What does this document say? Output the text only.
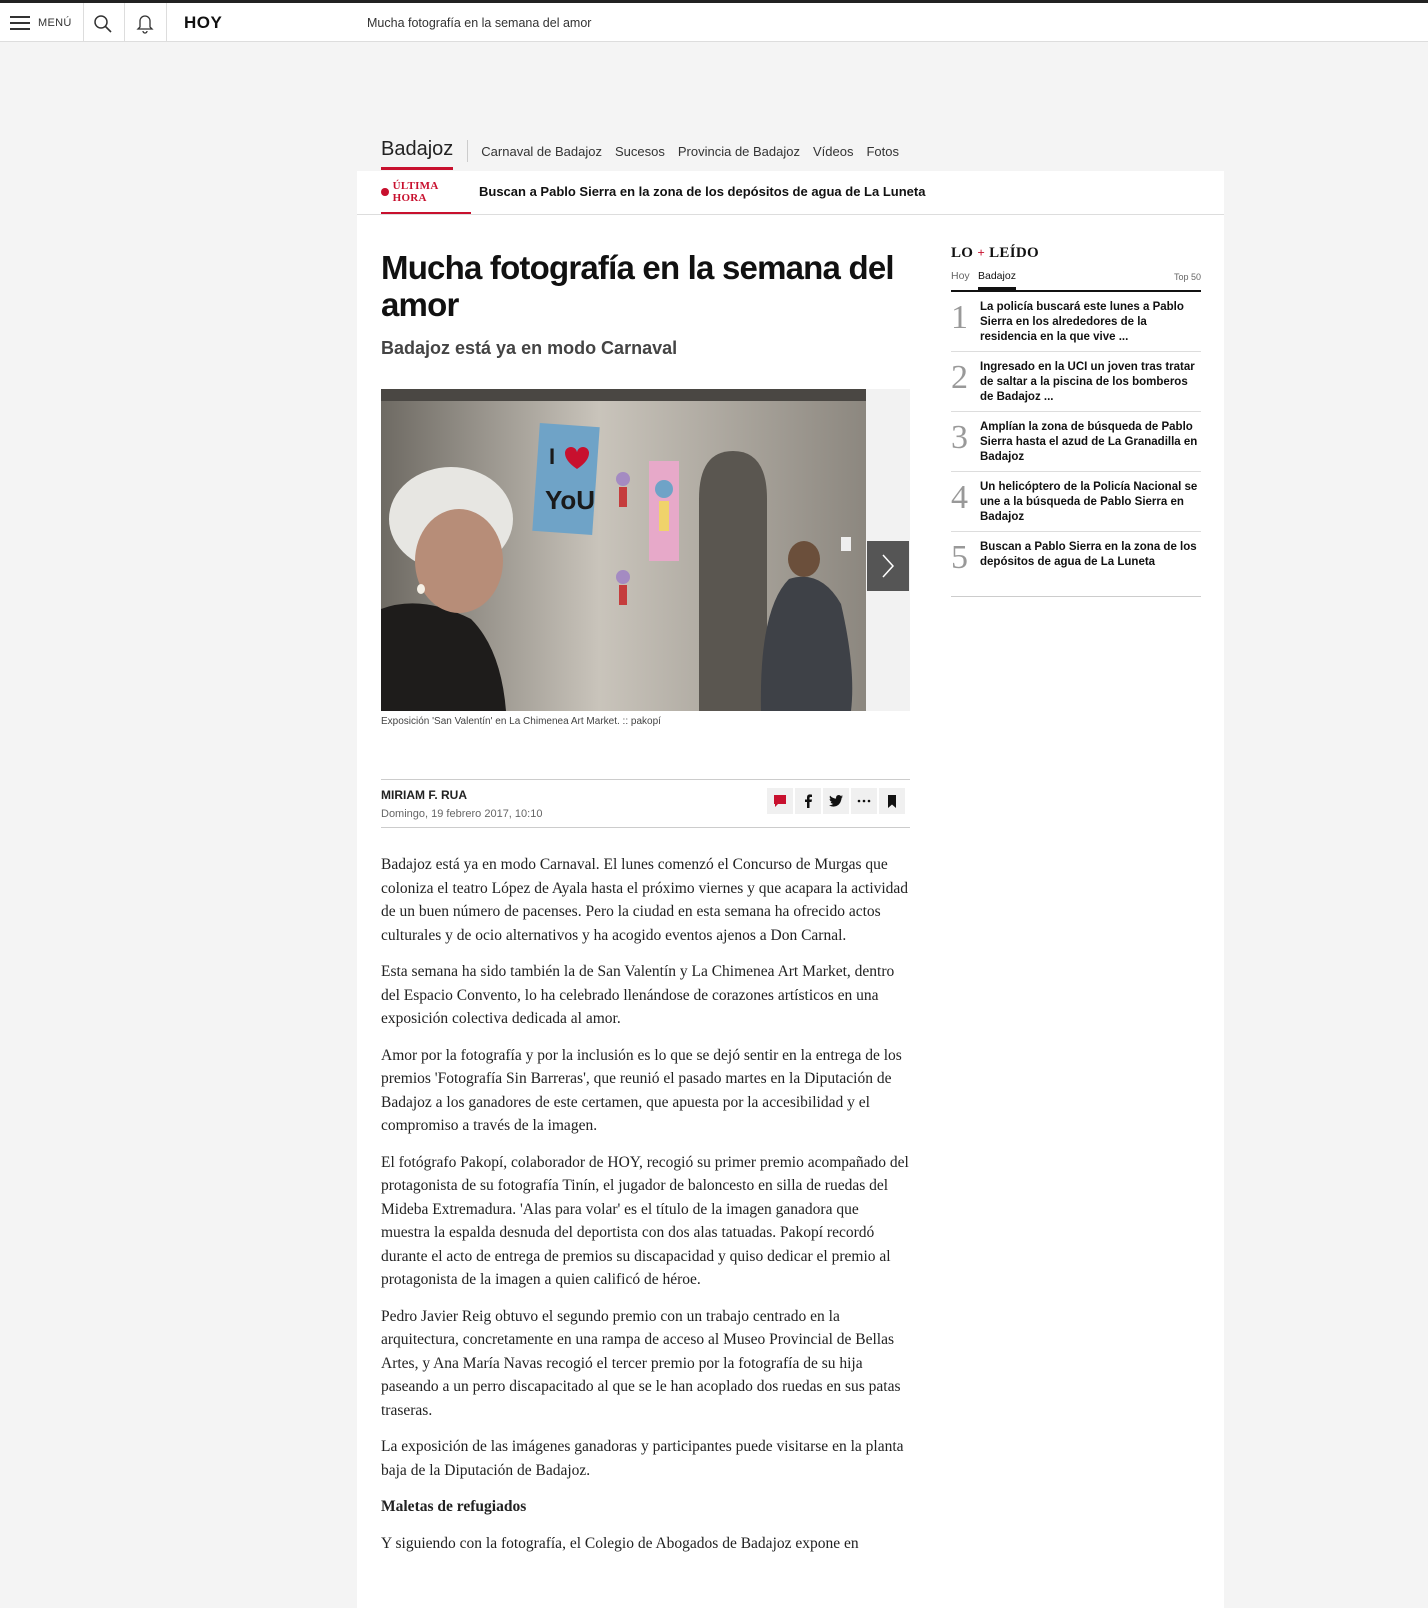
MENÚ	HOY	Mucha fotografía en la semana del amor
Badajoz Carnaval de Badajoz Sucesos Provincia de Badajoz Vídeos Fotos
ÚLTIMA HORA	Buscan a Pablo Sierra en la zona de los depósitos de agua de La Luneta
Mucha fotografía en la semana del amor
Badajoz está ya en modo Carnaval
I
YoU
Exposición 'San Valentín' en La Chimenea Art Market. :: pakopí
MIRIAM F. RUA
Domingo, 19 febrero 2017, 10:10

Badajoz está ya en modo Carnaval. El lunes comenzó el Concurso de Murgas que coloniza el teatro López de Ayala hasta el próximo viernes y que acapara la actividad de un buen número de pacenses. Pero la ciudad en esta semana ha ofrecido actos culturales y de ocio alternativos y ha acogido eventos ajenos a Don Carnal.

Esta semana ha sido también la de San Valentín y La Chimenea Art Market, dentro del Espacio Convento, lo ha celebrado llenándose de corazones artísticos en una exposición colectiva dedicada al amor.

Amor por la fotografía y por la inclusión es lo que se dejó sentir en la entrega de los premios 'Fotografía Sin Barreras', que reunió el pasado martes en la Diputación de Badajoz a los ganadores de este certamen, que apuesta por la accesibilidad y el compromiso a través de la imagen.

El fotógrafo Pakopí, colaborador de HOY, recogió su primer premio acompañado del protagonista de su fotografía Tinín, el jugador de baloncesto en silla de ruedas del Mideba Extremadura. 'Alas para volar' es el título de la imagen ganadora que muestra la espalda desnuda del deportista con dos alas tatuadas. Pakopí recordó durante el acto de entrega de premios su discapacidad y quiso dedicar el premio al protagonista de la imagen a quien calificó de héroe.

Pedro Javier Reig obtuvo el segundo premio con un trabajo centrado en la arquitectura, concretamente en una rampa de acceso al Museo Provincial de Bellas Artes, y Ana María Navas recogió el tercer premio por la fotografía de su hija paseando a un perro discapacitado al que se le han acoplado dos ruedas en sus patas traseras.

La exposición de las imágenes ganadoras y participantes puede visitarse en la planta baja de la Diputación de Badajoz.

Maletas de refugiados

Y siguiendo con la fotografía, el Colegio de Abogados de Badajoz expone en

LO + LEÍDO
Hoy Badajoz	Top 50
1	La policía buscará este lunes a Pablo Sierra en los alrededores de la residencia en la que vive ...
2	Ingresado en la UCI un joven tras tratar de saltar a la piscina de los bomberos de Badajoz ...
3	Amplían la zona de búsqueda de Pablo Sierra hasta el azud de La Granadilla en Badajoz
4	Un helicóptero de la Policía Nacional se une a la búsqueda de Pablo Sierra en Badajoz
5	Buscan a Pablo Sierra en la zona de los depósitos de agua de La Luneta
